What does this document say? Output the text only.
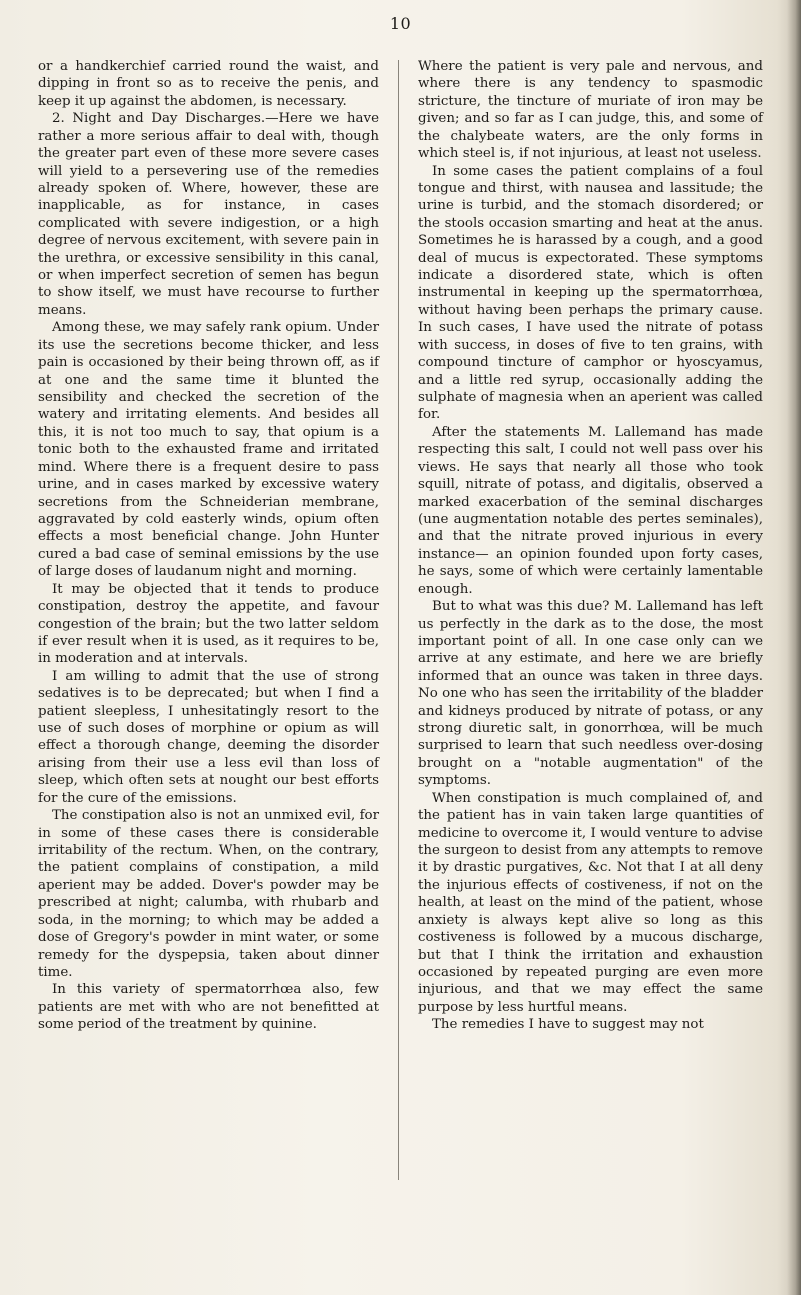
10

or a handkerchief carried round the waist, and dipping in front so as to receive the penis, and keep it up against the abdomen, is necessary.

2. Night and Day Discharges.—Here we have rather a more serious affair to deal with, though the greater part even of these more severe cases will yield to a persevering use of the remedies already spoken of. Where, however, these are inapplicable, as for instance, in cases complicated with severe indigestion, or a high degree of nervous excitement, with severe pain in the urethra, or excessive sensibility in this canal, or when imperfect secretion of semen has begun to show itself, we must have recourse to further means.

Among these, we may safely rank opium. Under its use the secretions become thicker, and less pain is occasioned by their being thrown off, as if at one and the same time it blunted the sensibility and checked the secretion of the watery and irritating elements. And besides all this, it is not too much to say, that opium is a tonic both to the exhausted frame and irritated mind. Where there is a frequent desire to pass urine, and in cases marked by excessive watery secretions from the Schneiderian membrane, aggravated by cold easterly winds, opium often effects a most beneficial change. John Hunter cured a bad case of seminal emissions by the use of large doses of laudanum night and morning.

It may be objected that it tends to produce constipation, destroy the appetite, and favour congestion of the brain; but the two latter seldom if ever result when it is used, as it requires to be, in moderation and at intervals.

I am willing to admit that the use of strong sedatives is to be deprecated; but when I find a patient sleepless, I unhesitatingly resort to the use of such doses of morphine or opium as will effect a thorough change, deeming the disorder arising from their use a less evil than loss of sleep, which often sets at nought our best efforts for the cure of the emissions.

The constipation also is not an unmixed evil, for in some of these cases there is considerable irritability of the rectum. When, on the contrary, the patient complains of constipation, a mild aperient may be added. Dover's powder may be prescribed at night; calumba, with rhubarb and soda, in the morning; to which may be added a dose of Gregory's powder in mint water, or some remedy for the dyspepsia, taken about dinner time.

In this variety of spermatorrhœa also, few patients are met with who are not benefitted at some period of the treatment by quinine.

Where the patient is very pale and nervous, and where there is any tendency to spasmodic stricture, the tincture of muriate of iron may be given; and so far as I can judge, this, and some of the chalybeate waters, are the only forms in which steel is, if not injurious, at least not useless.

In some cases the patient complains of a foul tongue and thirst, with nausea and lassitude; the urine is turbid, and the stomach disordered; or the stools occasion smarting and heat at the anus. Sometimes he is harassed by a cough, and a good deal of mucus is expectorated. These symptoms indicate a disordered state, which is often instrumental in keeping up the spermatorrhœa, without having been perhaps the primary cause. In such cases, I have used the nitrate of potass with success, in doses of five to ten grains, with compound tincture of camphor or hyoscyamus, and a little red syrup, occasionally adding the sulphate of magnesia when an aperient was called for.

After the statements M. Lallemand has made respecting this salt, I could not well pass over his views. He says that nearly all those who took squill, nitrate of potass, and digitalis, observed a marked exacerbation of the seminal discharges (une augmentation notable des pertes seminales), and that the nitrate proved injurious in every instance— an opinion founded upon forty cases, he says, some of which were certainly lamentable enough.

But to what was this due? M. Lallemand has left us perfectly in the dark as to the dose, the most important point of all. In one case only can we arrive at any estimate, and here we are briefly informed that an ounce was taken in three days. No one who has seen the irritability of the bladder and kidneys produced by nitrate of potass, or any strong diuretic salt, in gonorrhœa, will be much surprised to learn that such needless over-dosing brought on a "notable augmentation" of the symptoms.

When constipation is much complained of, and the patient has in vain taken large quantities of medicine to overcome it, I would venture to advise the surgeon to desist from any attempts to remove it by drastic purgatives, &c. Not that I at all deny the injurious effects of costiveness, if not on the health, at least on the mind of the patient, whose anxiety is always kept alive so long as this costiveness is followed by a mucous discharge, but that I think the irritation and exhaustion occasioned by repeated purging are even more injurious, and that we may effect the same purpose by less hurtful means.

The remedies I have to suggest may not
